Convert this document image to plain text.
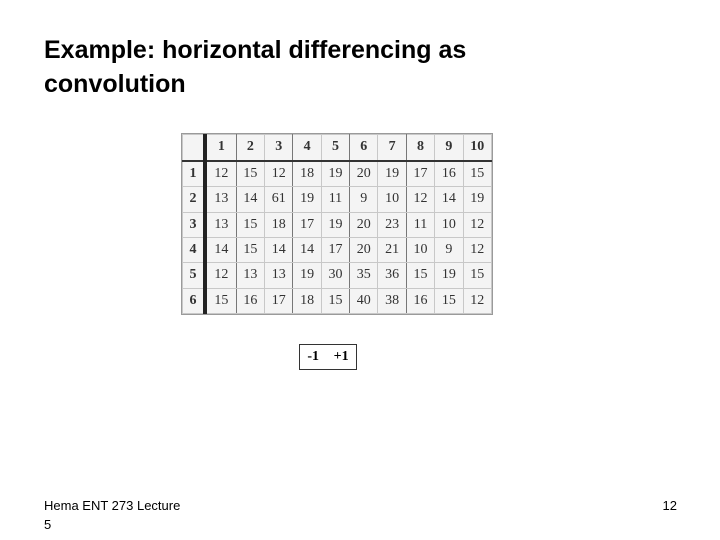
Example: horizontal differencing as
convolution
	1	2	3	4	5	6	7	8	9	10
1	12	15	12	18	19	20	19	17	16	15
2	13	14	61	19	11	9	10	12	14	19
3	13	15	18	17	19	20	23	11	10	12
4	14	15	14	14	17	20	21	10	9	12
5	12	13	13	19	30	35	36	15	19	15
6	15	16	17	18	15	40	38	16	15	12
-1 +1
Hema ENT 273 Lecture
5
12
